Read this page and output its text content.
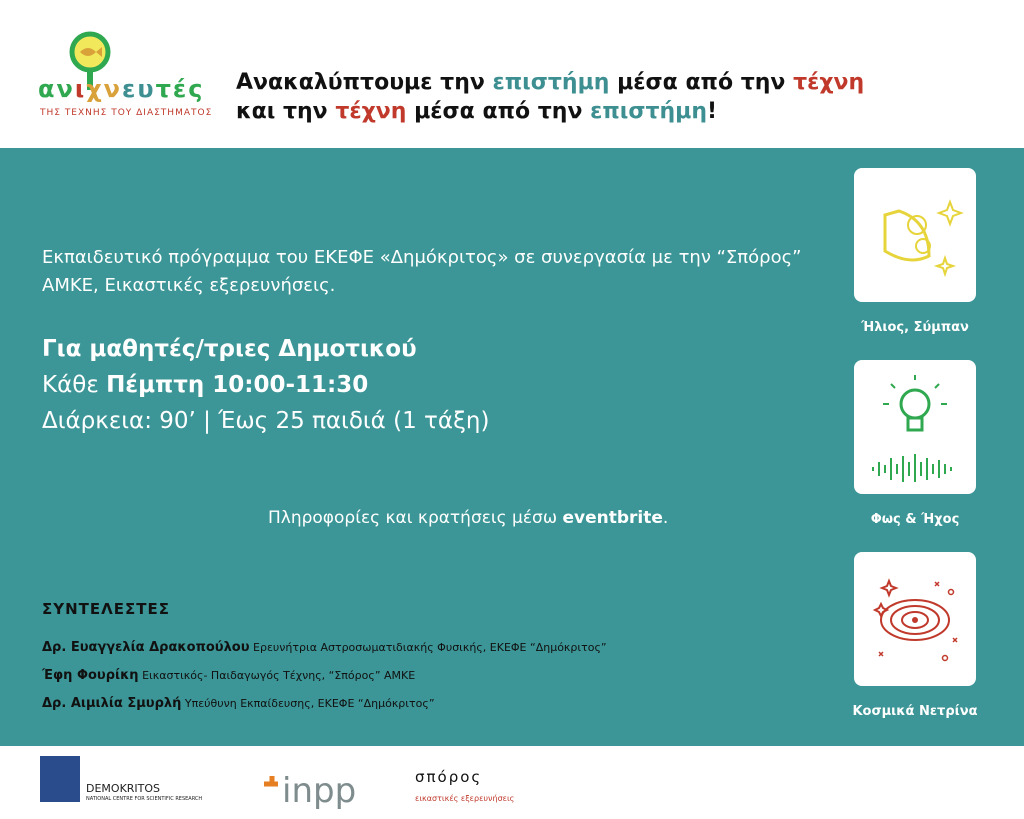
ανιχνευτές
ΤΗΣ ΤΕΧΝΗΣ ΤΟΥ ΔΙΑΣΤΗΜΑΤΟΣ
Ανακαλύπτουμε την επιστήμη μέσα από την τέχνη
και την τέχνη μέσα από την επιστήμη!
Εκπαιδευτικό πρόγραμμα του ΕΚΕΦΕ «Δημόκριτος» σε συνεργασία με την “Σπόρος” ΑΜΚΕ, Εικαστικές εξερευνήσεις.
Για μαθητές/τριες Δημοτικού
Κάθε Πέμπτη 10:00-11:30
Διάρκεια: 90’ | Έως 25 παιδιά (1 τάξη)
Πληροφορίες και κρατήσεις μέσω eventbrite.
ΣΥΝΤΕΛΕΣΤΕΣ
Δρ. Ευαγγελία Δρακοπούλου Ερευνήτρια Αστροσωματιδιακής Φυσικής, ΕΚΕΦΕ “Δημόκριτος”
Έφη Φουρίκη Εικαστικός- Παιδαγωγός Τέχνης, “Σπόρος” ΑΜΚΕ
Δρ. Αιμιλία Σμυρλή Υπεύθυνη Εκπαίδευσης, ΕΚΕΦΕ “Δημόκριτος”
Ήλιος, Σύμπαν
Φως & Ήχος
Κοσμικά Νετρίνα
DEMOKRITOS
NATIONAL CENTRE FOR SCIENTIFIC RESEARCH inpp	σπόρος
εικαστικές εξερευνήσεις
